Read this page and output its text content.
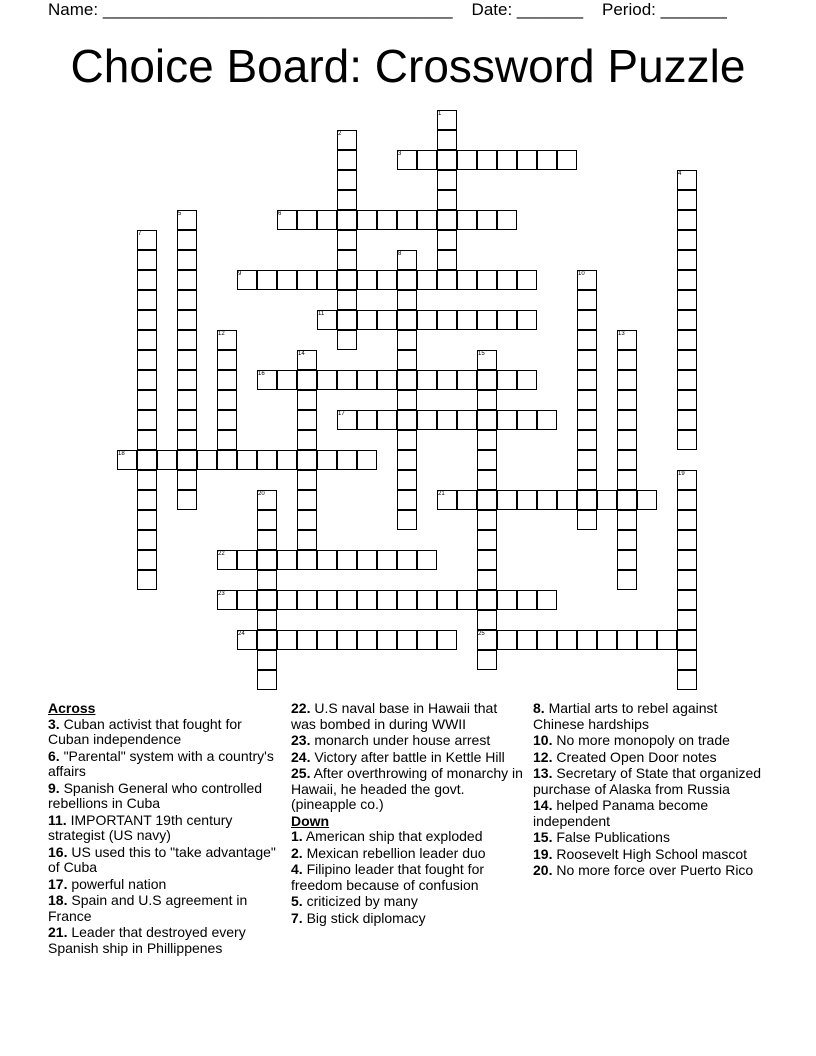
Name: _____________________________________ Date: _______ Period: _______
Choice Board: Crossword Puzzle
1
2
3
4
5	6
7
8
9	10
11
12	13
14	15
16
17
18
19
20	21
22
23
24	25
Across
3. Cuban activist that fought for Cuban independence
6. "Parental" system with a country's affairs
9. Spanish General who controlled rebellions in Cuba
11. IMPORTANT 19th century strategist (US navy)
16. US used this to "take advantage" of Cuba
17. powerful nation
18. Spain and U.S agreement in France
21. Leader that destroyed every Spanish ship in Phillippenes
22. U.S naval base in Hawaii that was bombed in during WWII
23. monarch under house arrest
24. Victory after battle in Kettle Hill
25. After overthrowing of monarchy in Hawaii, he headed the govt. (pineapple co.)
Down
1. American ship that exploded
2. Mexican rebellion leader duo
4. Filipino leader that fought for freedom because of confusion
5. criticized by many
7. Big stick diplomacy
8. Martial arts to rebel against Chinese hardships
10. No more monopoly on trade
12. Created Open Door notes
13. Secretary of State that organized purchase of Alaska from Russia
14. helped Panama become independent
15. False Publications
19. Roosevelt High School mascot
20. No more force over Puerto Rico
